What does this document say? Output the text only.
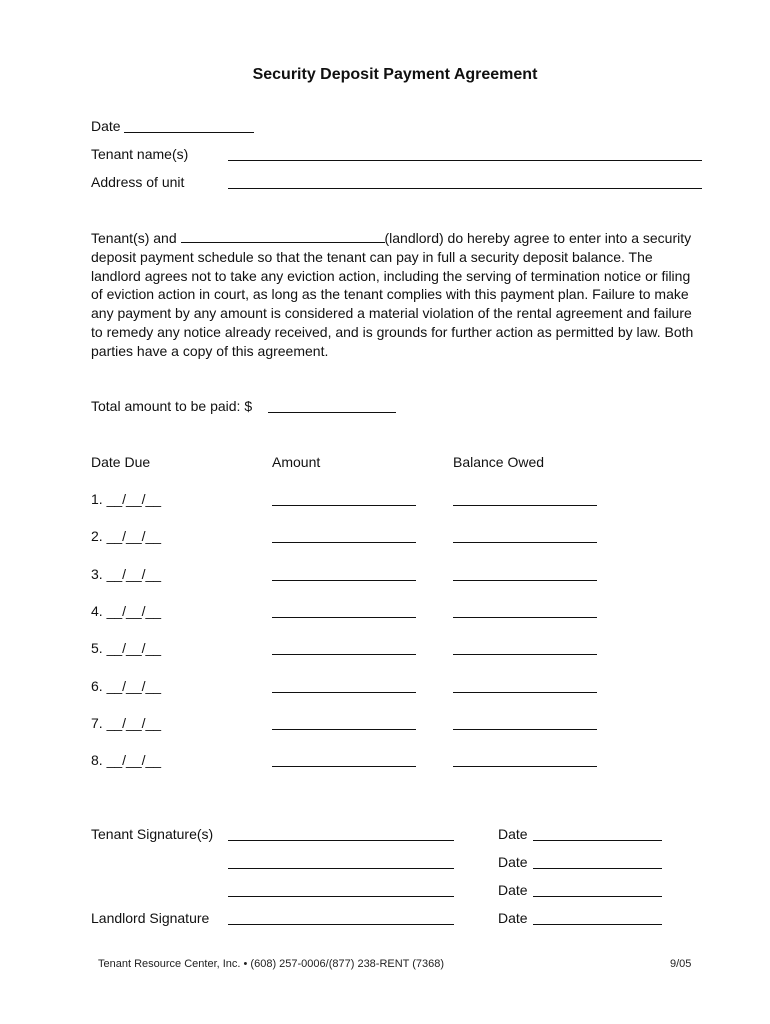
Security Deposit Payment Agreement
Date
Tenant name(s)
Address of unit
Tenant(s) and	(landlord) do hereby agree to enter into a security deposit payment schedule so that the tenant can pay in full a security deposit balance. The landlord agrees not to take any eviction action, including the serving of termination notice or filing of eviction action in court, as long as the tenant complies with this payment plan. Failure to make any payment by any amount is considered a material violation of the rental agreement and failure to remedy any notice already received, and is grounds for further action as permitted by law. Both parties have a copy of this agreement.
Total amount to be paid: $
Date Due	Amount	Balance Owed
1. __/__/__
2. __/__/__
3. __/__/__
4. __/__/__
5. __/__/__
6. __/__/__
7. __/__/__
8. __/__/__
Tenant Signature(s)	Date
Date
Date
Landlord Signature	Date
Tenant Resource Center, Inc. • (608) 257-0006/(877) 238-RENT (7368)	9/05
